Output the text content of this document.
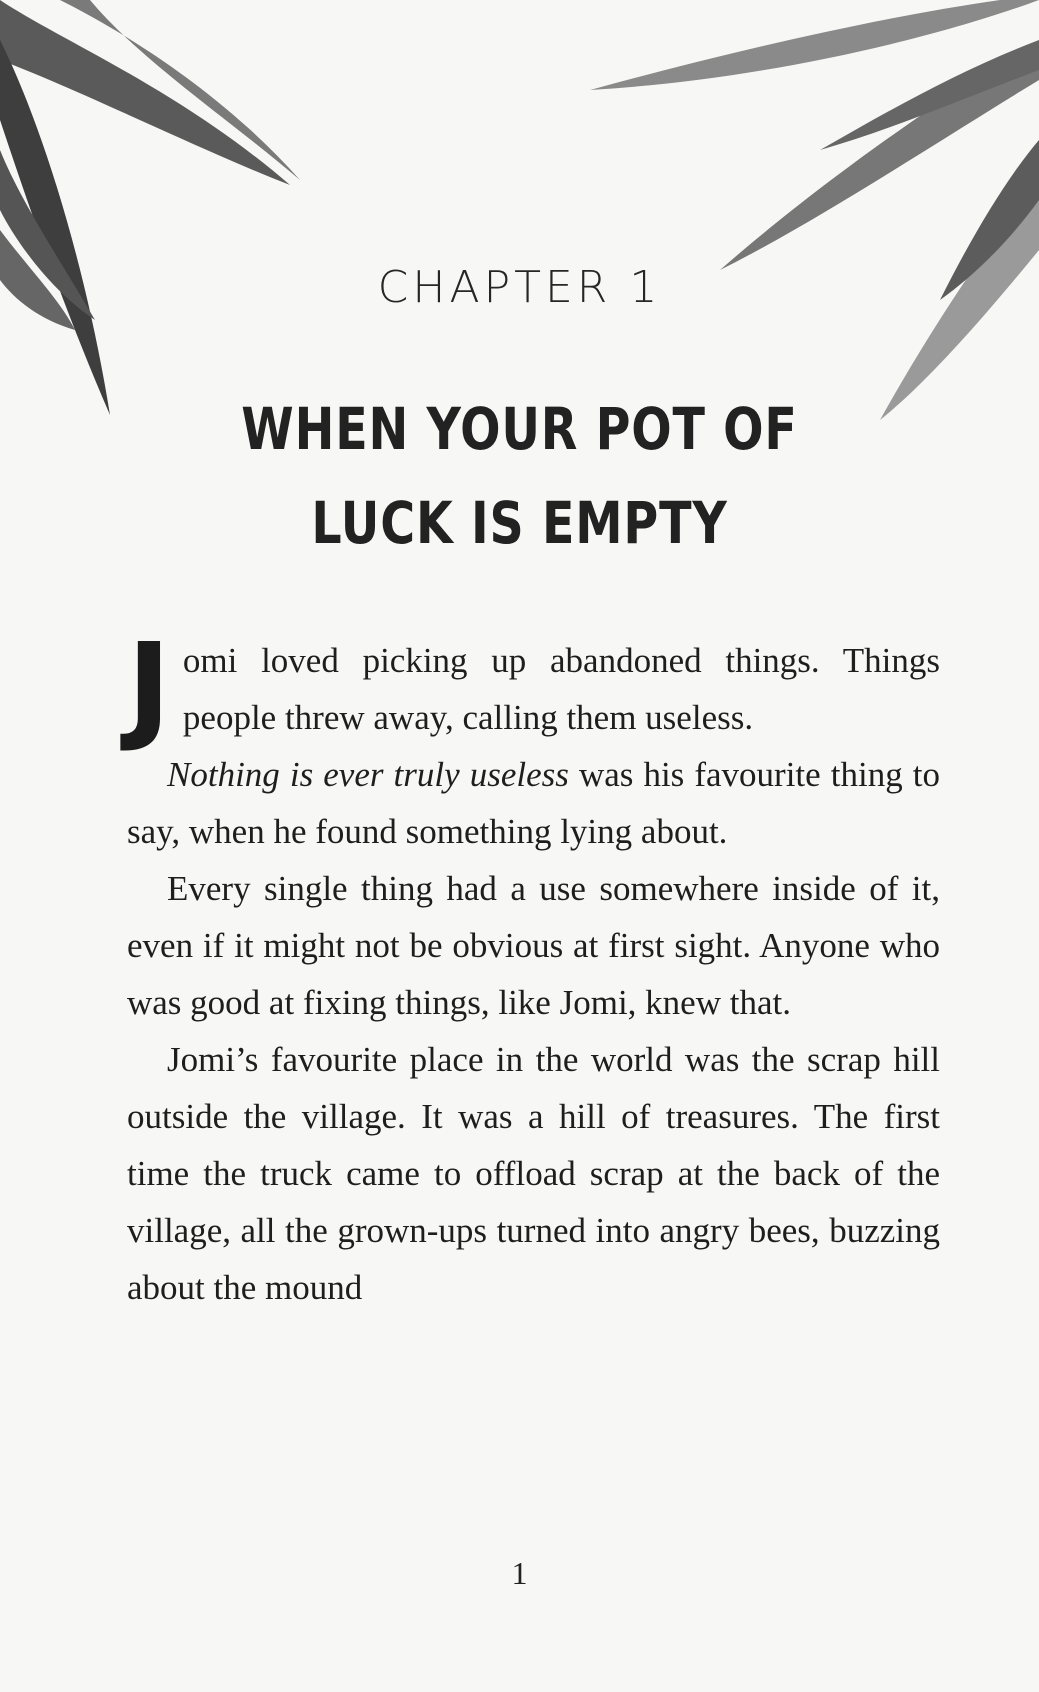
CHAPTER 1
WHEN YOUR POT OF
LUCK IS EMPTY

Jomi loved picking up abandoned things. Things people threw away, calling them useless.

Nothing is ever truly useless was his favourite thing to say, when he found something lying about.

Every single thing had a use somewhere inside of it, even if it might not be obvious at first sight. Anyone who was good at fixing things, like Jomi, knew that.

Jomi’s favourite place in the world was the scrap hill outside the village. It was a hill of treasures. The first time the truck came to offload scrap at the back of the village, all the grown-ups turned into angry bees, buzzing about the mound

1
